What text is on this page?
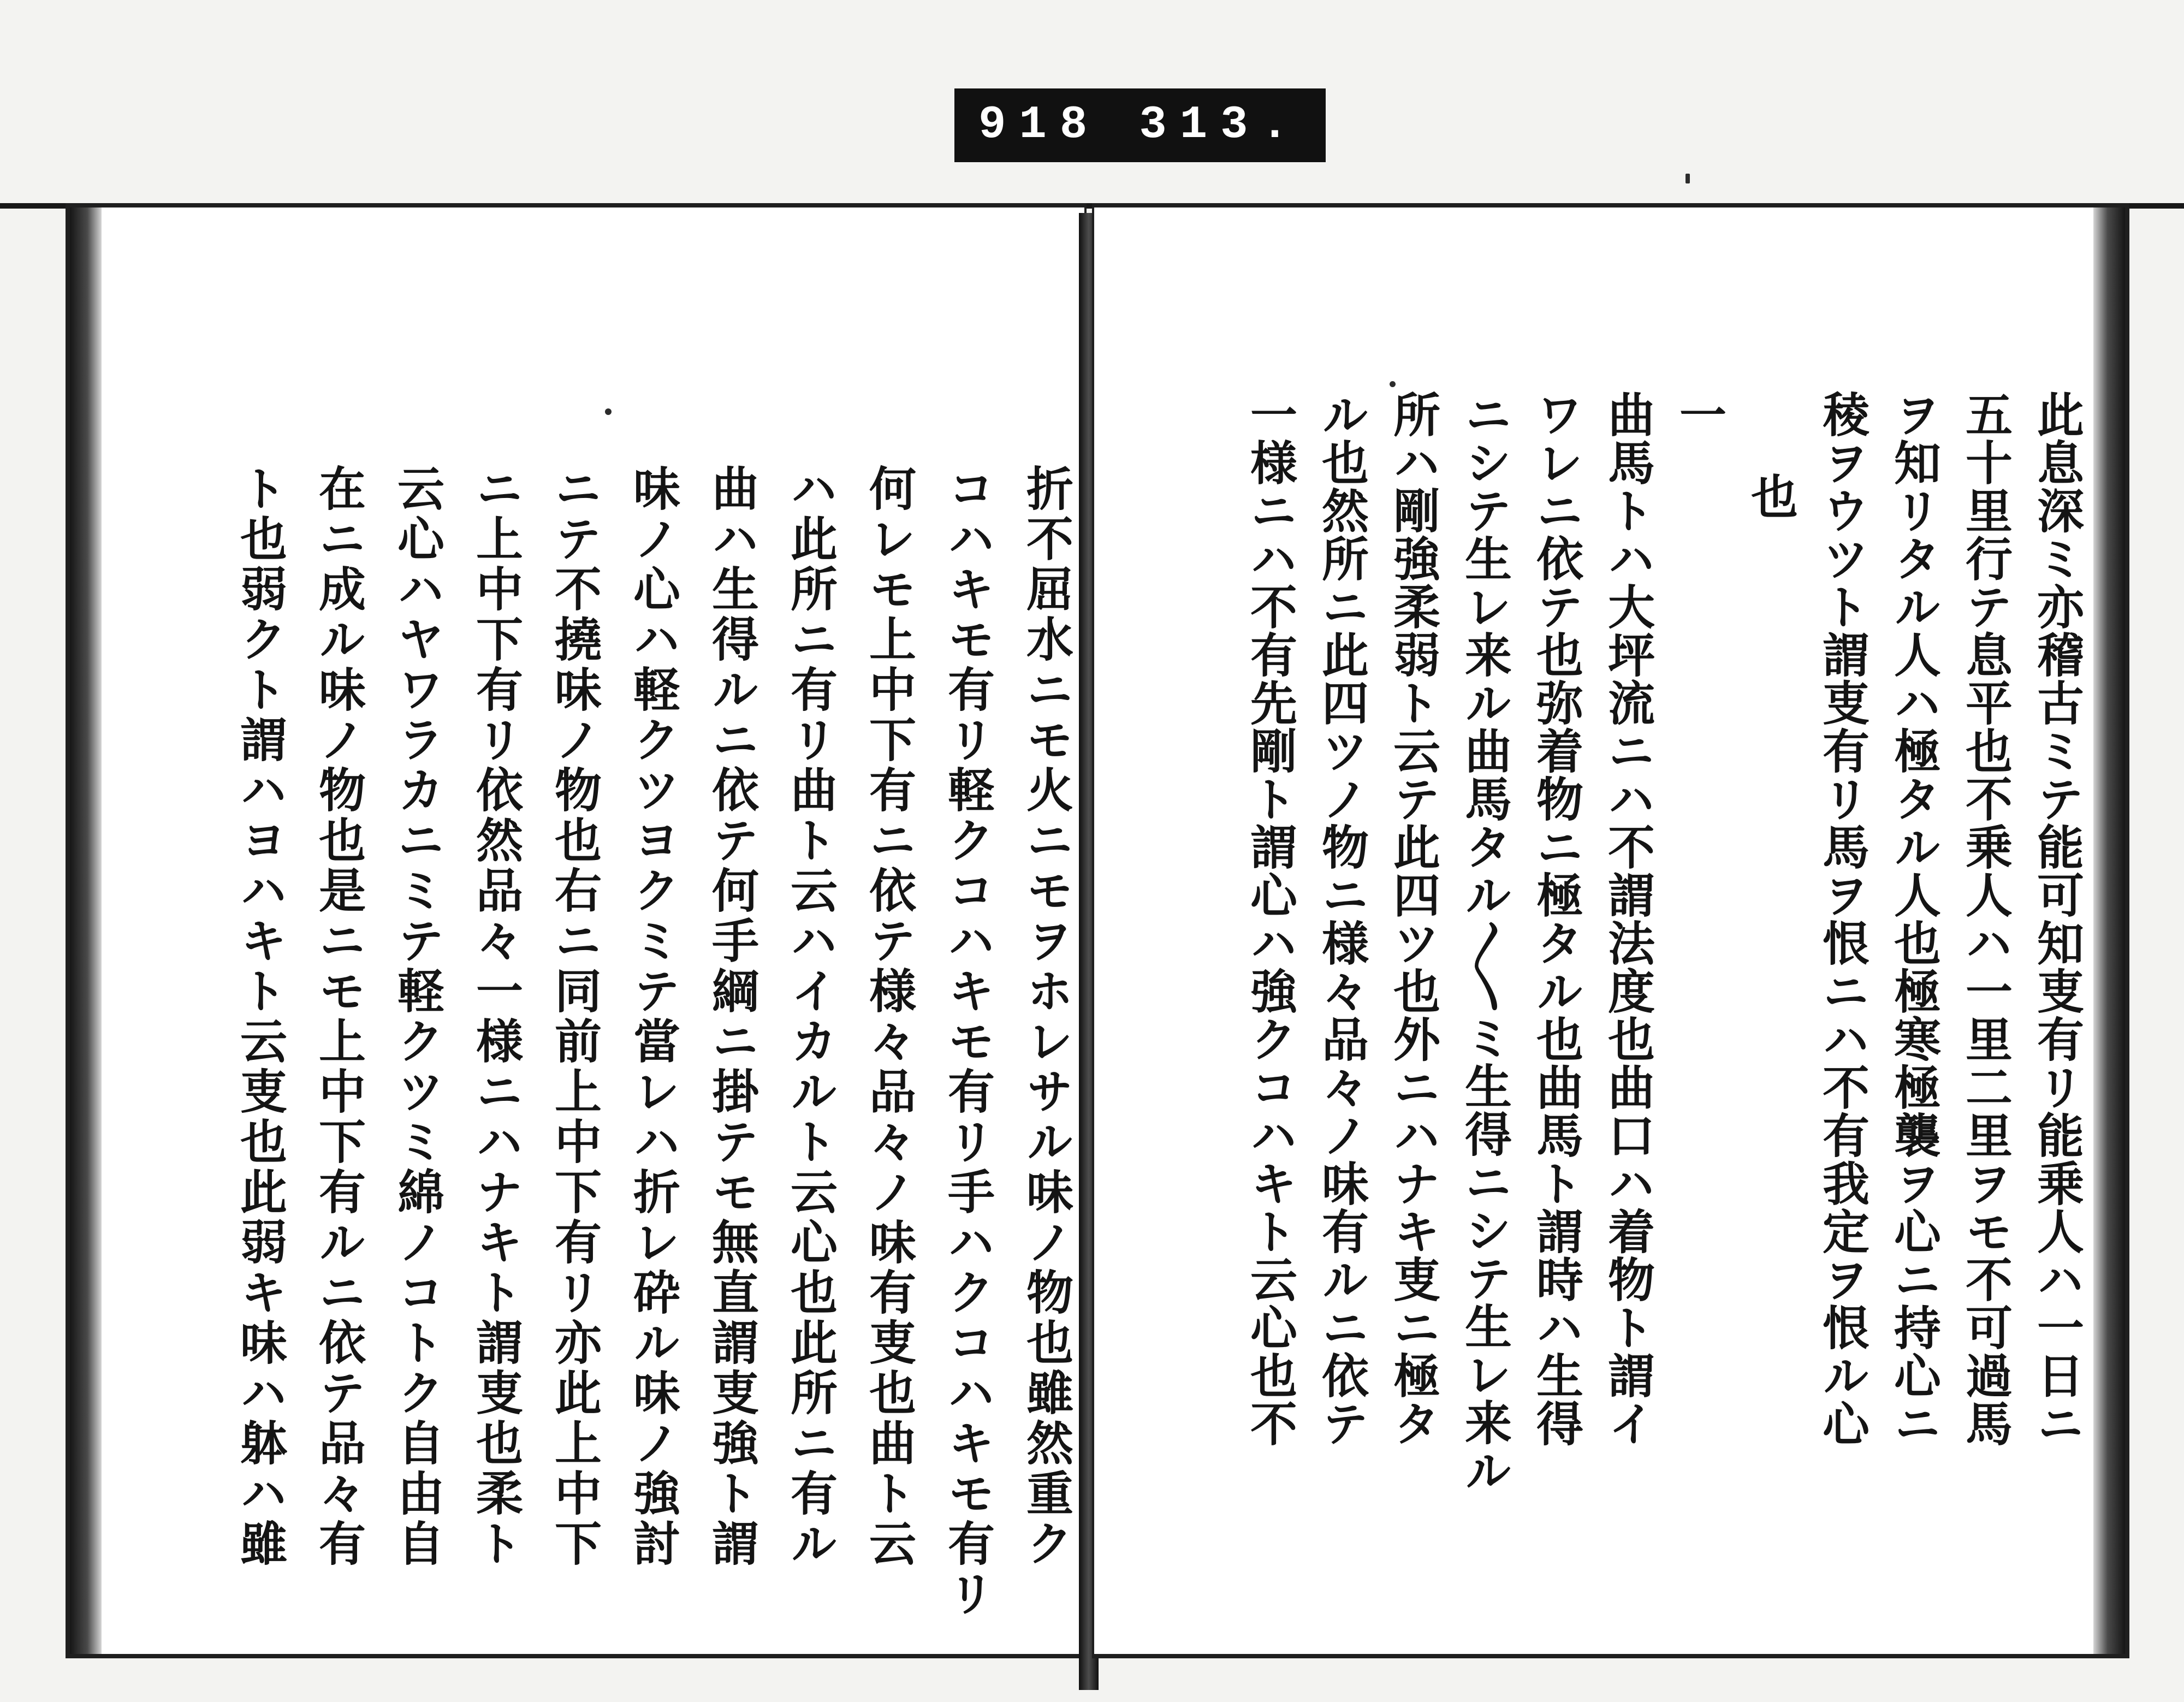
918 313.

折不屈水ニモ火ニモヲホレサル味ノ物也雖然重ク

コハキモ有リ軽クコハキモ有リ手ハクコハキモ有リ

何レモ上中下有ニ依テ様々品々ノ味有叓也曲ト云

ハ此所ニ有リ曲ト云ハイカルト云心也此所ニ有ル

曲ハ生得ルニ依テ何手綱ニ掛テモ無直謂叓強ト謂

味ノ心ハ軽クツヨクミテ當レハ折レ砕ル味ノ強討

ニテ不撓味ノ物也右ニ同前上中下有リ亦此上中下

ニ上中下有リ依然品々一様ニハナキト謂叓也柔ト

云心ハヤワラカニミテ軽クツミ綿ノコトク自由自

在ニ成ル味ノ物也是ニモ上中下有ルニ依テ品々有

ト也弱クト謂ハヨハキト云叓也此弱キ味ハ躰ハ雖	此息深ミ亦稽古ミテ能可知叓有リ能乗人ハ一日ニ

五十里行テ息平也不乗人ハ一里二里ヲモ不可過馬

ヲ知リタル人ハ極タル人也極寒極襲ヲ心ニ持心ニ

稜ヲウツト謂叓有リ馬ヲ恨ニハ不有我定ヲ恨ル心

也

一

曲馬トハ大坪流ニハ不謂法度也曲口ハ着物ト謂イ

ワレニ依テ也弥着物ニ極タル也曲馬ト謂時ハ生得

ニシテ生レ来ル曲馬タル〳〵ミ生得ニシテ生レ来ル

所ハ剛強柔弱ト云テ此四ツ也外ニハナキ叓ニ極タ

ル也然所ニ此四ツノ物ニ様々品々ノ味有ルニ依テ

一様ニハ不有先剛ト謂心ハ強クコハキト云心也不
